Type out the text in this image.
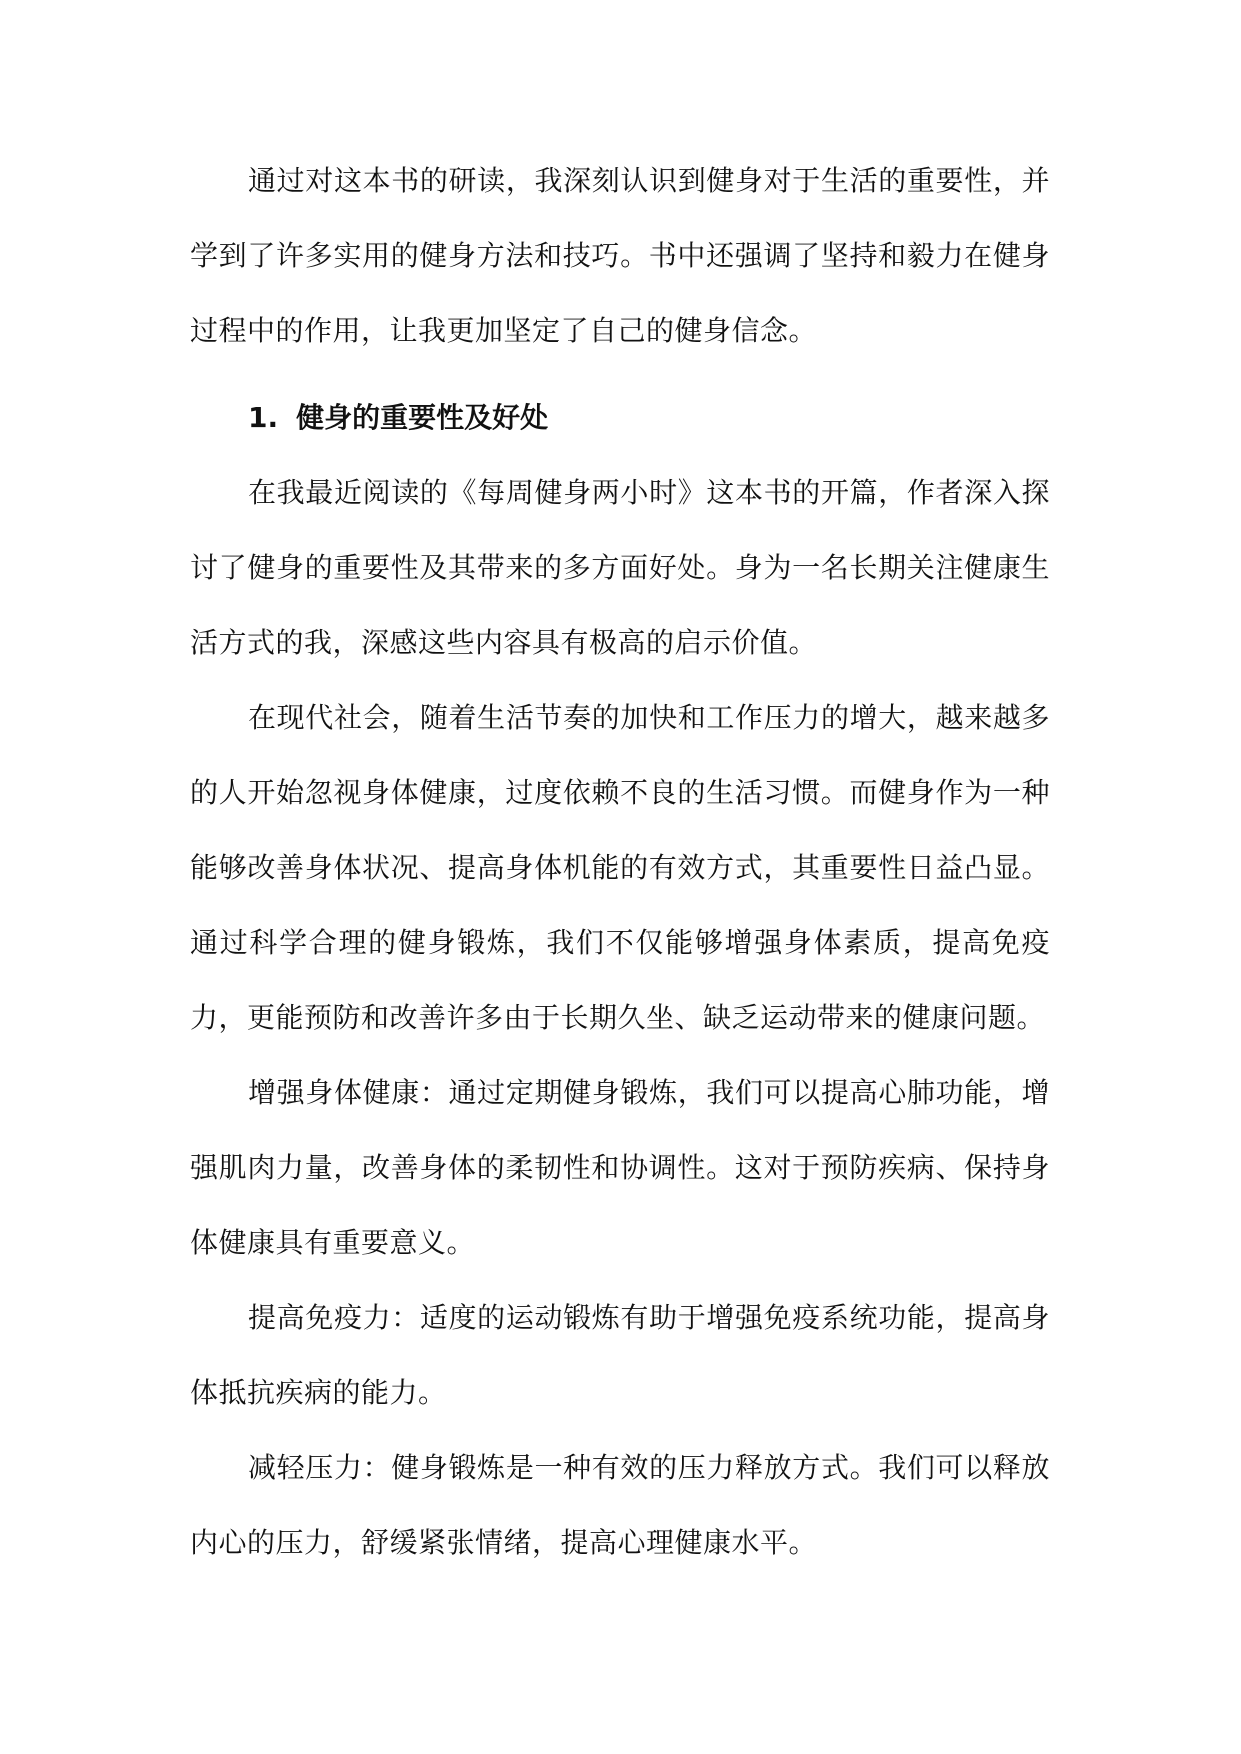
通过对这本书的研读，我深刻认识到健身对于生活的重要性，并学到了许多实用的健身方法和技巧。书中还强调了坚持和毅力在健身过程中的作用，让我更加坚定了自己的健身信念。

1. 健身的重要性及好处

在我最近阅读的《每周健身两小时》这本书的开篇，作者深入探讨了健身的重要性及其带来的多方面好处。身为一名长期关注健康生活方式的我，深感这些内容具有极高的启示价值。

在现代社会，随着生活节奏的加快和工作压力的增大，越来越多的人开始忽视身体健康，过度依赖不良的生活习惯。而健身作为一种能够改善身体状况、提高身体机能的有效方式，其重要性日益凸显。通过科学合理的健身锻炼，我们不仅能够增强身体素质，提高免疫力，更能预防和改善许多由于长期久坐、缺乏运动带来的健康问题。

增强身体健康：通过定期健身锻炼，我们可以提高心肺功能，增强肌肉力量，改善身体的柔韧性和协调性。这对于预防疾病、保持身体健康具有重要意义。

提高免疫力：适度的运动锻炼有助于增强免疫系统功能，提高身体抵抗疾病的能力。

减轻压力：健身锻炼是一种有效的压力释放方式。我们可以释放内心的压力，舒缓紧张情绪，提高心理健康水平。
